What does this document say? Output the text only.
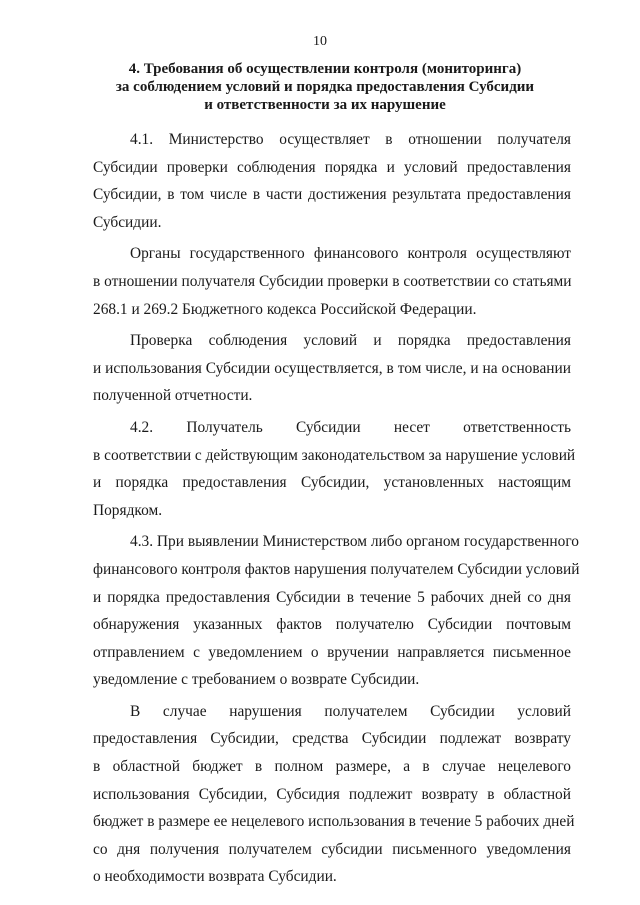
10
4. Требования об осуществлении контроля (мониторинга)
за соблюдением условий и порядка предоставления Субсидии
и ответственности за их нарушение

4.1. Министерство осуществляет в отношении получателя
Субсидии проверки соблюдения порядка и условий предоставления
Субсидии, в том числе в части достижения результата предоставления
Субсидии.

Органы государственного финансового контроля осуществляют
в отношении получателя Субсидии проверки в соответствии со статьями
268.1 и 269.2 Бюджетного кодекса Российской Федерации.

Проверка соблюдения условий и порядка предоставления
и использования Субсидии осуществляется, в том числе, и на основании
полученной отчетности.

4.2. Получатель Субсидии несет ответственность
в соответствии с действующим законодательством за нарушение условий
и порядка предоставления Субсидии, установленных настоящим
Порядком.

4.3. При выявлении Министерством либо органом государственного
финансового контроля фактов нарушения получателем Субсидии условий
и порядка предоставления Субсидии в течение 5 рабочих дней со дня
обнаружения указанных фактов получателю Субсидии почтовым
отправлением с уведомлением о вручении направляется письменное
уведомление с требованием о возврате Субсидии.

В случае нарушения получателем Субсидии условий
предоставления Субсидии, средства Субсидии подлежат возврату
в областной бюджет в полном размере, а в случае нецелевого
использования Субсидии, Субсидия подлежит возврату в областной
бюджет в размере ее нецелевого использования в течение 5 рабочих дней
со дня получения получателем субсидии письменного уведомления
о необходимости возврата Субсидии.
